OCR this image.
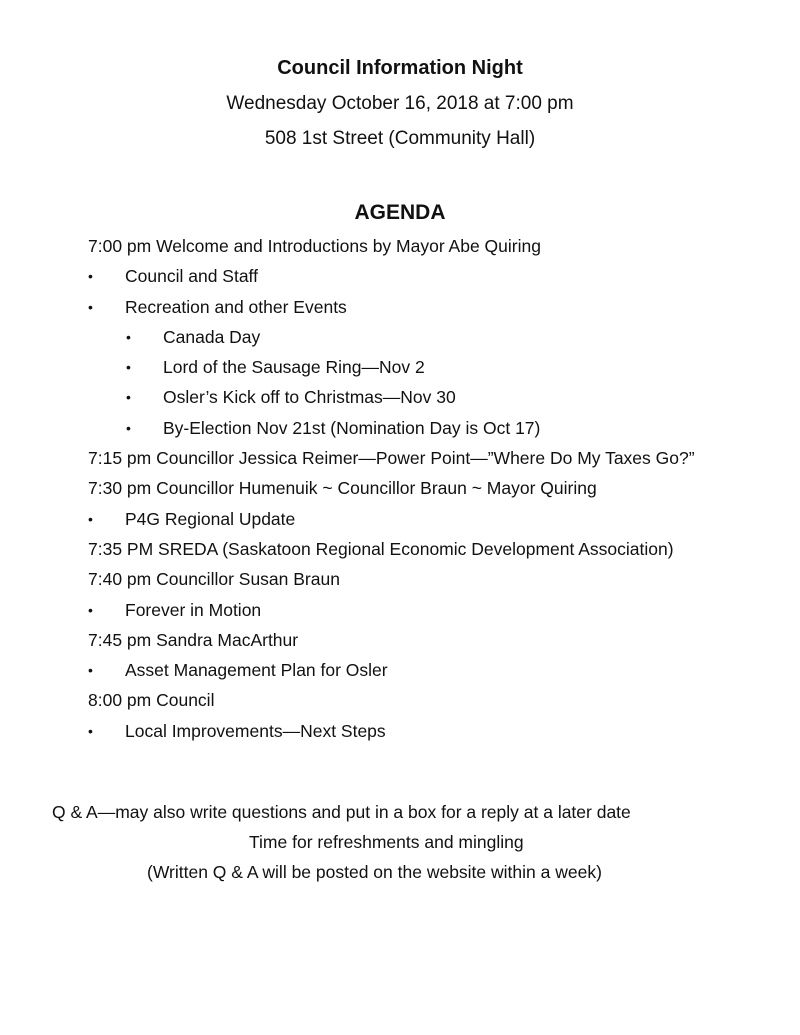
Council Information Night
Wednesday October 16, 2018 at 7:00 pm
508 1st Street (Community Hall)
AGENDA
7:00 pm Welcome and Introductions by Mayor Abe Quiring
• Council and Staff
• Recreation and other Events
• Canada Day
• Lord of the Sausage Ring—Nov 2
• Osler’s Kick off to Christmas—Nov 30
• By-Election Nov 21st (Nomination Day is Oct 17)
7:15 pm Councillor Jessica Reimer—Power Point—”Where Do My Taxes Go?”
7:30 pm Councillor Humenuik ~ Councillor Braun ~ Mayor Quiring
• P4G Regional Update
7:35 PM SREDA (Saskatoon Regional Economic Development Association)
7:40 pm Councillor Susan Braun
• Forever in Motion
7:45 pm Sandra MacArthur
• Asset Management Plan for Osler
8:00 pm Council
• Local Improvements—Next Steps
Q & A—may also write questions and put in a box for a reply at a later date
Time for refreshments and mingling
(Written Q & A will be posted on the website within a week)
